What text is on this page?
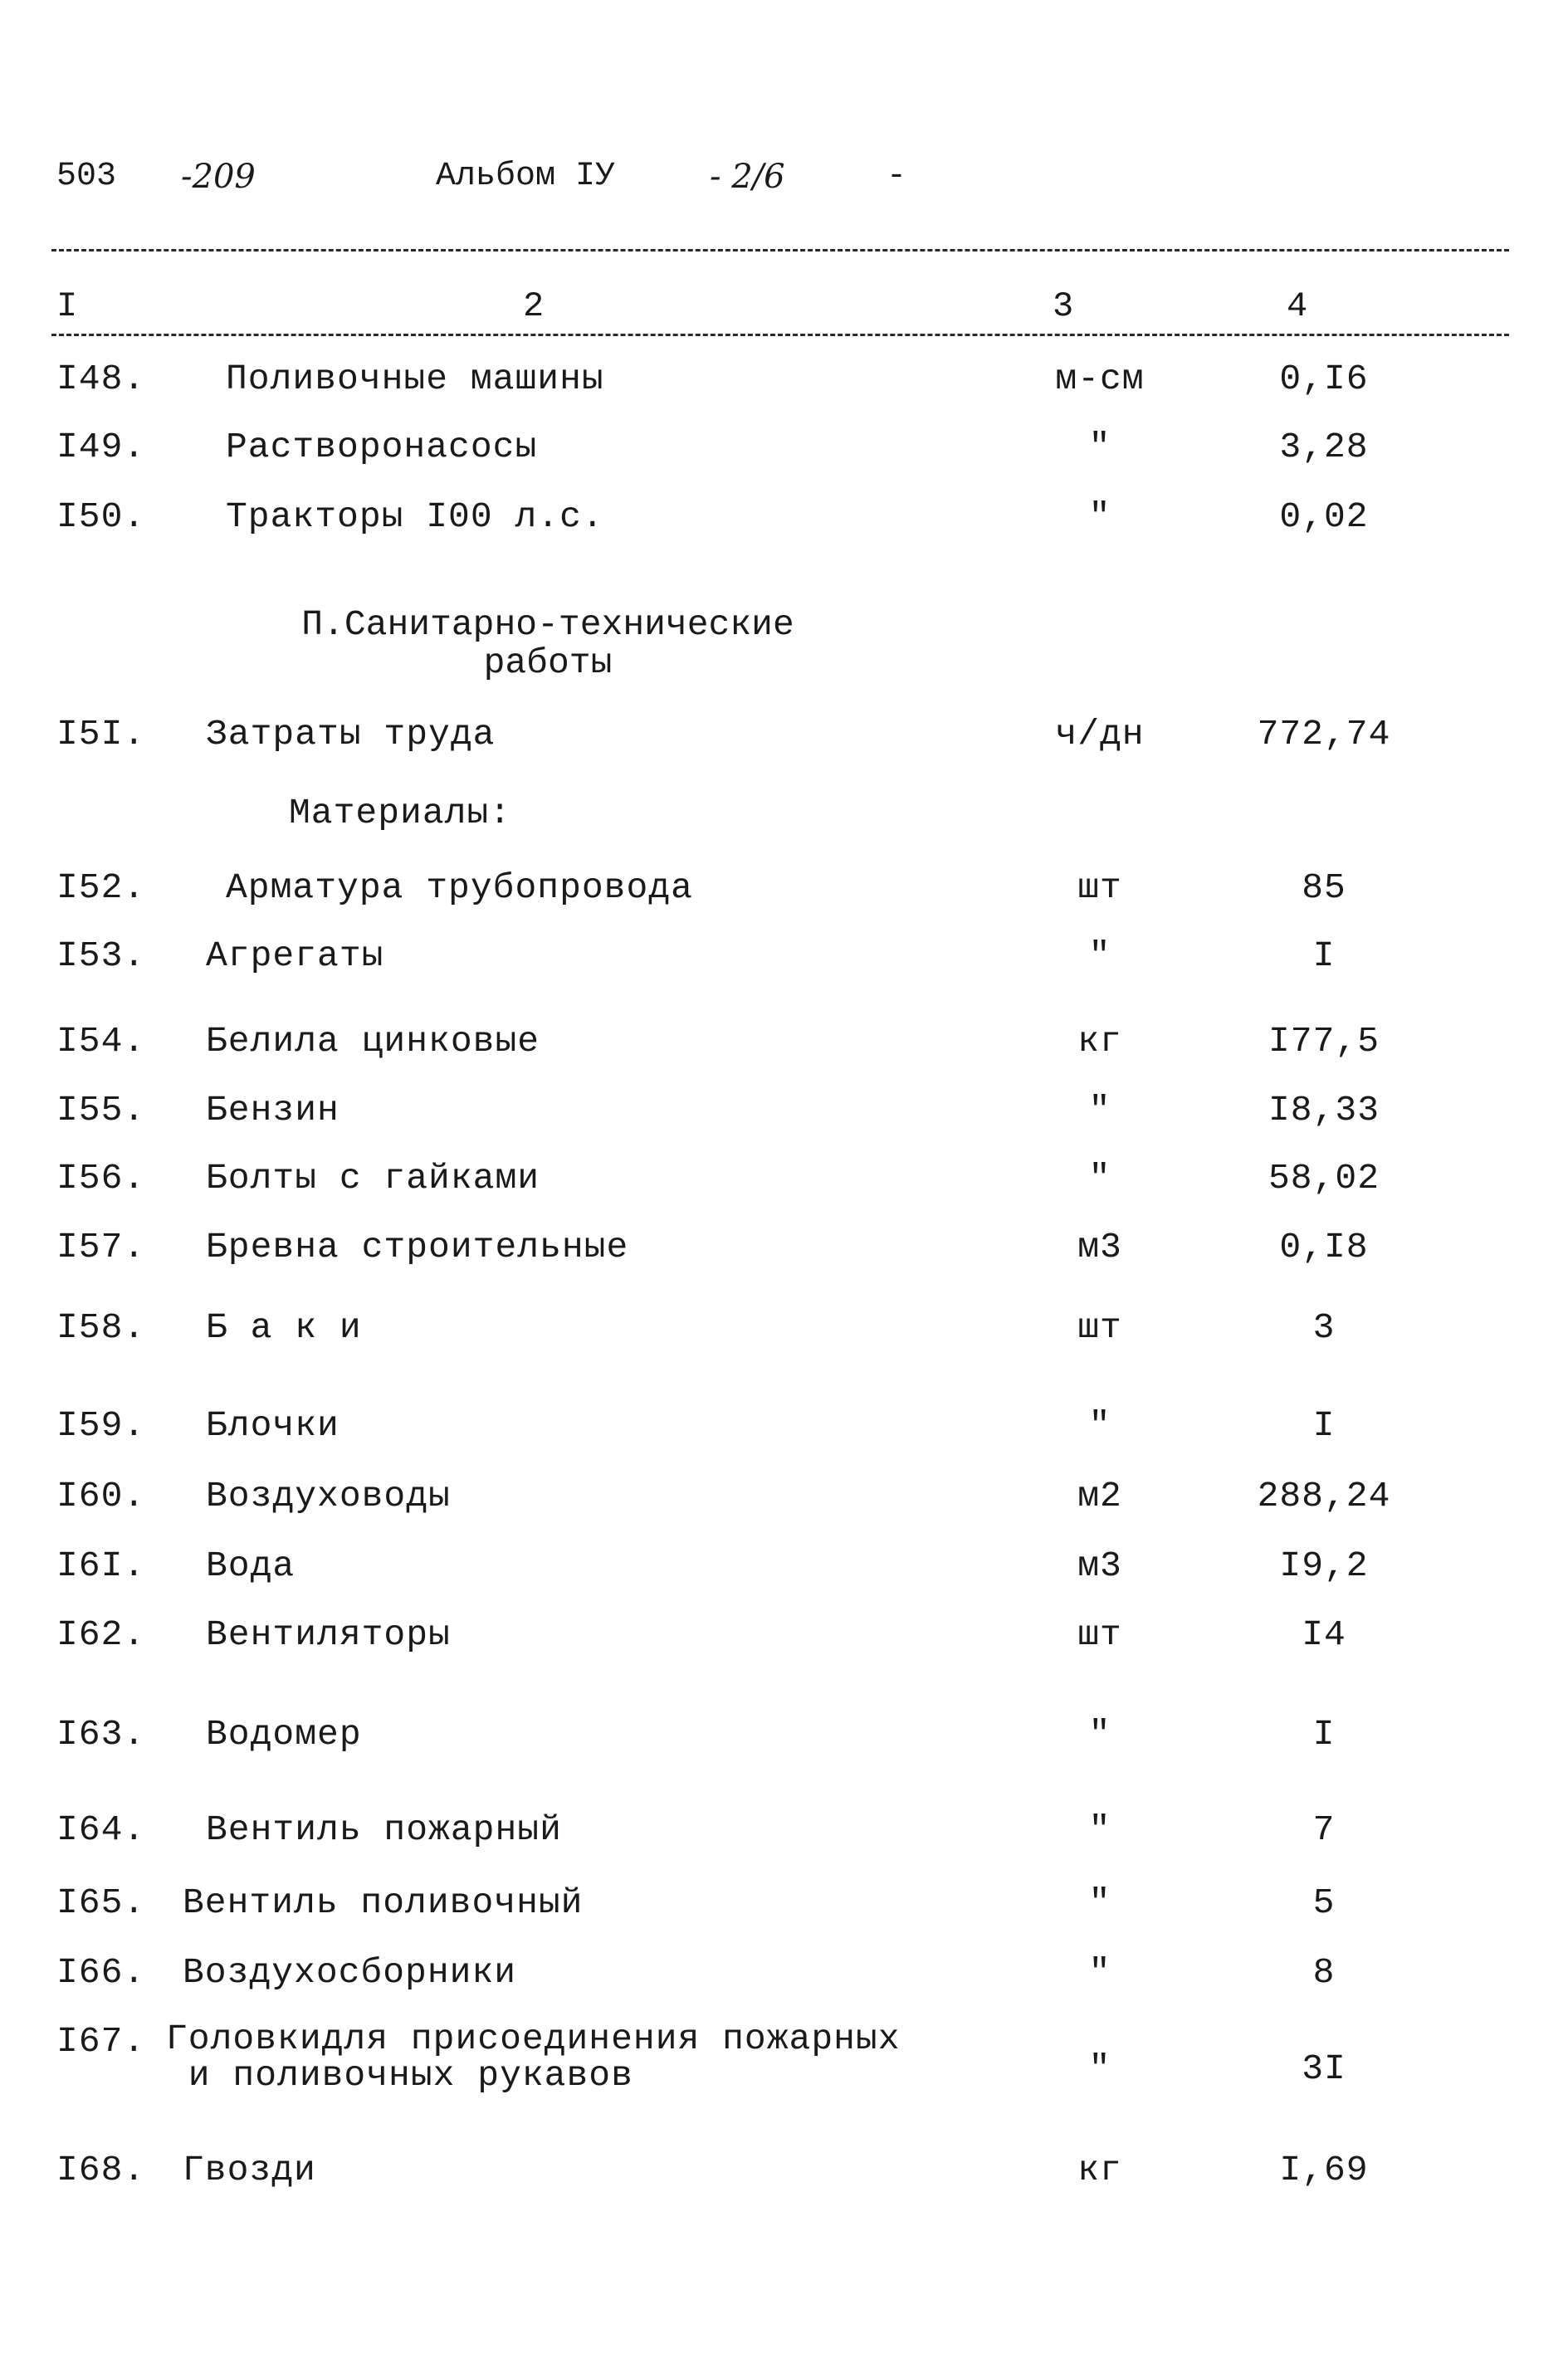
503 -209	Альбом IУ	- 2/6	-
I	2	3	4
I48. Поливочные машины	м-см	0,I6
I49. Растворонасосы	"	3,28
I50. Тракторы I00 л.с.	"	0,02
П.Санитарно-технические
работы
I5I. Затраты труда	ч/дн	772,74
Материалы:
I52. Арматура трубопровода	шт	85
I53. Агрегаты	"	I
I54. Белила цинковые	кг	I77,5
I55. Бензин	"	I8,33
I56. Болты с гайками	"	58,02
I57. Бревна строительные	м3	0,I8
I58. Б а к и	шт	3
I59. Блочки	"	I
I60. Воздуховоды	м2	288,24
I6I. Вода	м3	I9,2
I62. Вентиляторы	шт	I4
I63. Водомер	"	I
I64. Вентиль пожарный	"	7
I65. Вентиль поливочный	"	5
I66. Воздухосборники	"	8
I67. Головкидля присоединения пожарных
и поливочных рукавов	"	3I
I68. Гвозди	кг	I,69
